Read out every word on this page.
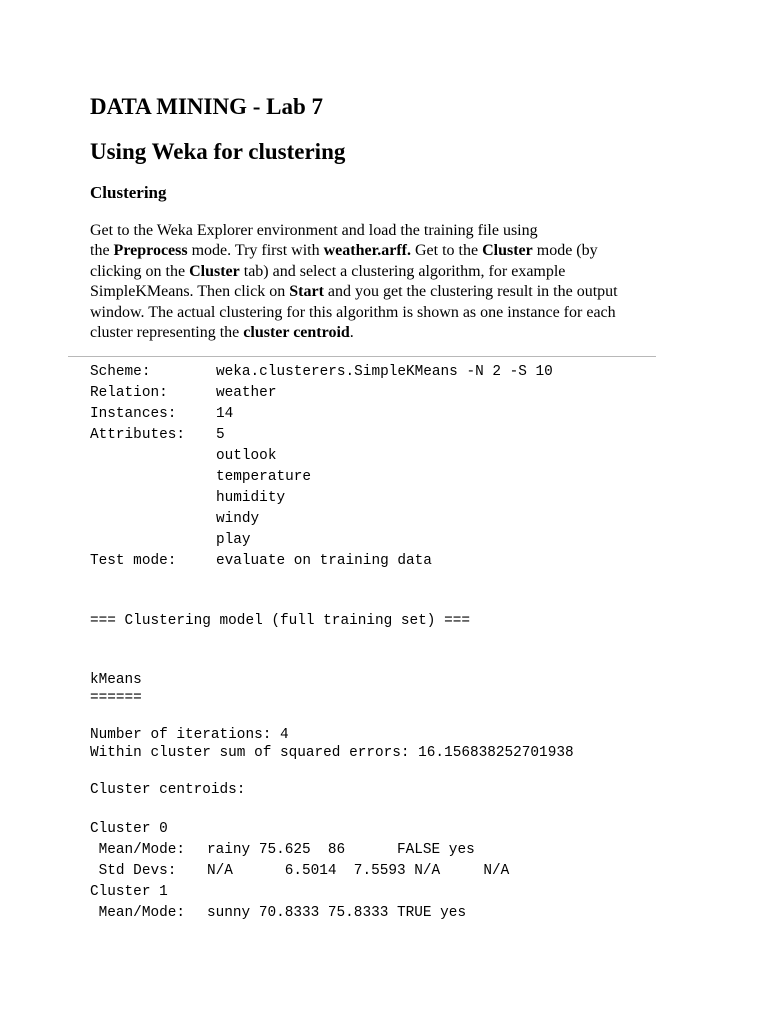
DATA MINING - Lab 7
Using Weka for clustering
Clustering
Get to the Weka Explorer environment and load the training file using
the Preprocess mode. Try first with weather.arff. Get to the Cluster mode (by
clicking on the Cluster tab) and select a clustering algorithm, for example
SimpleKMeans. Then click on Start and you get the clustering result in the output
window. The actual clustering for this algorithm is shown as one instance for each
cluster representing the cluster centroid.
Scheme:	weka.clusterers.SimpleKMeans -N 2 -S 10
Relation:	weather
Instances:	14
Attributes: 5
outlook
temperature
humidity
windy
play
Test mode:	evaluate on training data
=== Clustering model (full training set) ===
kMeans
======
Number of iterations: 4
Within cluster sum of squared errors: 16.156838252701938
Cluster centroids:
Cluster 0
Mean/Mode: rainy 75.625  86      FALSE yes
Std Devs: N/A      6.5014  7.5593 N/A     N/A
Cluster 1
Mean/Mode: sunny 70.8333 75.8333 TRUE yes
